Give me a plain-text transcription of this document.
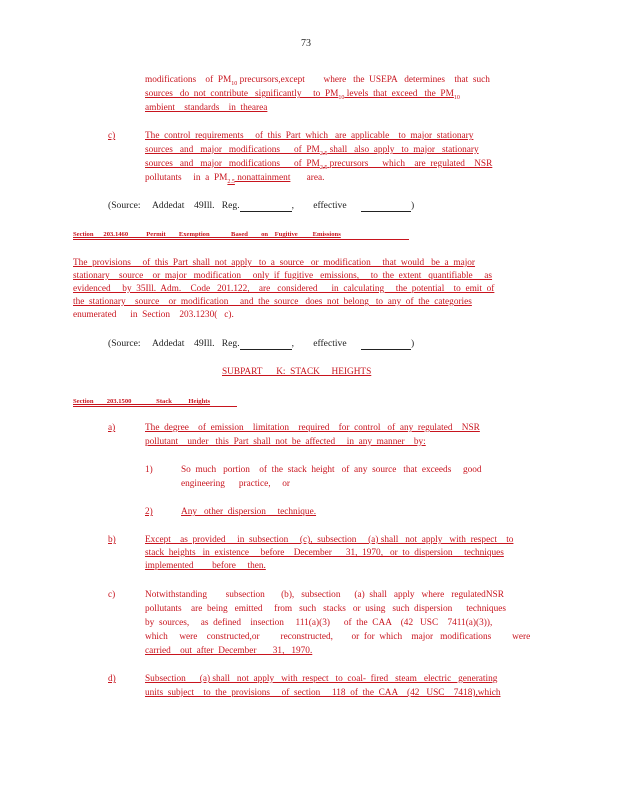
73
modifications    of  $PM_{10}$ precursors,except        where   the  USEPA   determines    that  such
sources   do  not  contribute   significantly     to  $PM_{10}$ levels  that  exceed   the  $PM_{10}$
ambient    standards    in  thearea
c)	The  control  requirements     of  this  Part  which   are  applicable    to  major  stationary
sources   and   major   modifications      of  $PM_{2.5}$ shall   also  apply   to  major   stationary
sources   and   major   modifications      of  $PM_{2.5}$ precursors      which    are  regulated    NSR
pollutants     in  a  $PM_{2.5}$ nonattainment       area.
(Source:     Addedat    49Ill.   Reg.	,        effective	)
Section      203.1460           Permit        Exemption             Based        on    Fugitive         Emissions
The  provisions     of  this  Part  shall  not  apply   to  a  source   or  modification     that  would   be  a  major
stationary    source    or  major   modification     only  if  fugitive   emissions,     to  the  extent   quantifiable     as
evidenced     by  35Ill.  Adm.    Code   201.122,    are   considered      in  calculating     the  potential    to  emit  of
the  stationary    source    or  modification     and  the  source   does  not  belong   to  any  of  the  categories
enumerated      in  Section    203.1230(   c).
(Source:     Addedat    49Ill.   Reg.	,        effective	)
SUBPART      K:  STACK     HEIGHTS
Section        203.1500               Stack          Heights
a)	The  degree    of  emission    limitation    required    for  control   of  any  regulated    NSR
pollutant    under   this  Part  shall  not  be  affected     in  any  manner    by:
1)	So  much   portion    of  the  stack  height   of  any  source   that  exceeds     good
engineering      practice,     or
2)	Any   other  dispersion     technique.
b)	Except    as  provided     in  subsection     (c),  subsection     (a) shall   not  apply   with  respect    to
stack  heights   in  existence     before    December      31,  1970,   or  to  dispersion     techniques
implemented        before     then.
c)	Notwithstanding        subsection       (b),   subsection      (a)  shall   apply   where   regulatedNSR
pollutants    are  being   emitted     from   such   stacks   or  using   such  dispersion      techniques
by  sources,     as  defined    insection     111(a)(3)      of  the  CAA    (42   USC    7411(a)(3)),
which     were    constructed,or         reconstructed,        or  for  which    major   modifications         were
carried    out  after  December       31,   1970.
d)	Subsection      (a) shall   not  apply   with  respect   to  coal-  fired   steam   electric   generating
units  subject    to  the  provisions     of  section     118  of  the  CAA    (42   USC    7418),which
